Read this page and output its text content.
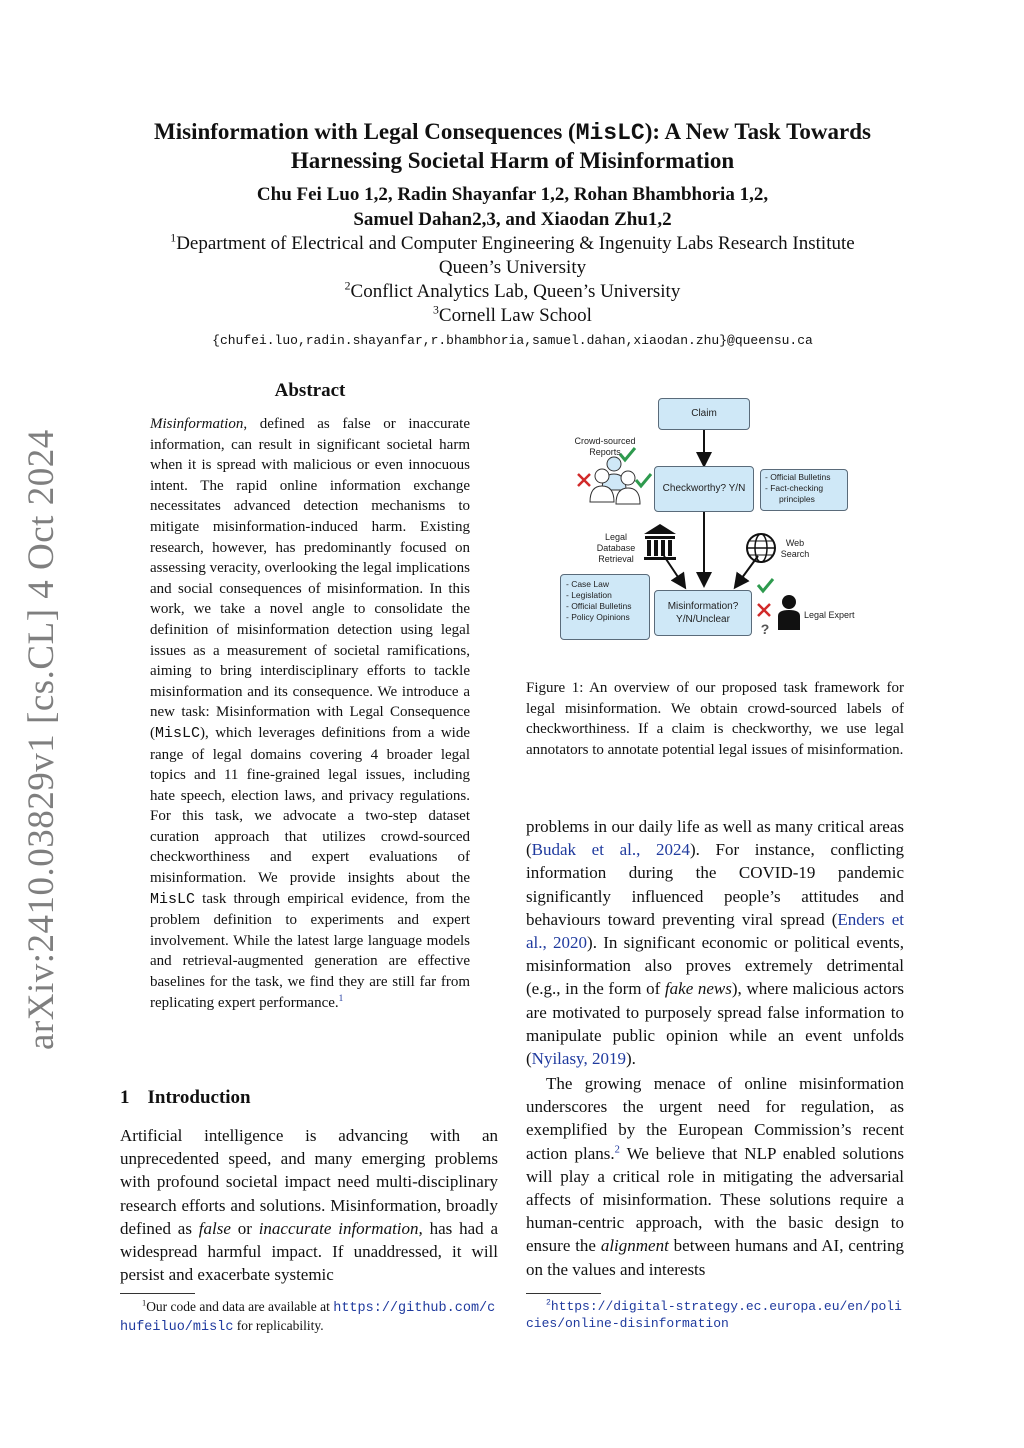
arXiv:2410.03829v1 [cs.CL] 4 Oct 2024
Misinformation with Legal Consequences (MisLC): A New Task Towards
Harnessing Societal Harm of Misinformation
Chu Fei Luo 1,2, Radin Shayanfar 1,2, Rohan Bhambhoria 1,2,
Samuel Dahan2,3, and Xiaodan Zhu1,2
$^1$Department of Electrical and Computer Engineering & Ingenuity Labs Research Institute
Queen’s University
$^2$Conflict Analytics Lab, Queen’s University
$^3$Cornell Law School
{chufei.luo,radin.shayanfar,r.bhambhoria,samuel.dahan,xiaodan.zhu}@queensu.ca
Abstract
Misinformation, defined as false or inaccurate information, can result in significant societal harm when it is spread with malicious or even innocuous intent. The rapid online information exchange necessitates advanced detection mechanisms to mitigate misinformation-induced harm. Existing research, however, has predominantly focused on assessing veracity, overlooking the legal implications and social consequences of misinformation. In this work, we take a novel angle to consolidate the definition of misinformation detection using legal issues as a measurement of societal ramifications, aiming to bring interdisciplinary efforts to tackle misinformation and its consequence. We introduce a new task: Misinformation with Legal Consequence (MisLC), which leverages definitions from a wide range of legal domains covering 4 broader legal topics and 11 fine-grained legal issues, including hate speech, election laws, and privacy regulations. For this task, we advocate a two-step dataset curation approach that utilizes crowd-sourced checkworthiness and expert evaluations of misinformation. We provide insights about the MisLC task through empirical evidence, from the problem definition to experiments and expert involvement. While the latest large language models and retrieval-augmented generation are effective baselines for the task, we find they are still far from replicating expert performance.$^1$
1 Introduction
Artificial intelligence is advancing with an unprecedented speed, and many emerging problems with profound societal impact need multi-disciplinary research efforts and solutions. Misinformation, broadly defined as false or inaccurate information, has had a widespread harmful impact. If unaddressed, it will persist and exacerbate systemic
$^1$Our code and data are available at https://github.com/chufeiluo/mislc for replicability.
Claim
Crowd-sourced Reports
Checkworthy? Y/N
- Official Bulletins
- Fact-checking
principles
Legal Database Retrieval
Web Search
- Case Law
- Legislation
- Official Bulletins
- Policy Opinions
Misinformation?
Y/N/Unclear
?
Legal Expert
Figure 1: An overview of our proposed task framework for legal misinformation. We obtain crowd-sourced labels of checkworthiness. If a claim is checkworthy, we use legal annotators to annotate potential legal issues of misinformation.
problems in our daily life as well as many critical areas (Budak et al., 2024). For instance, conflicting information during the COVID-19 pandemic significantly influenced people’s attitudes and behaviours toward preventing viral spread (Enders et al., 2020). In significant economic or political events, misinformation also proves extremely detrimental (e.g., in the form of fake news), where malicious actors are motivated to purposely spread false information to manipulate public opinion while an event unfolds (Nyilasy, 2019).
The growing menace of online misinformation underscores the urgent need for regulation, as exemplified by the European Commission’s recent action plans.$^2$ We believe that NLP enabled solutions will play a critical role in mitigating the adversarial affects of misinformation. These solutions require a human-centric approach, with the basic design to ensure the alignment between humans and AI, centring on the values and interests
$^2$https://digital-strategy.ec.europa.eu/en/policies/online-disinformation
